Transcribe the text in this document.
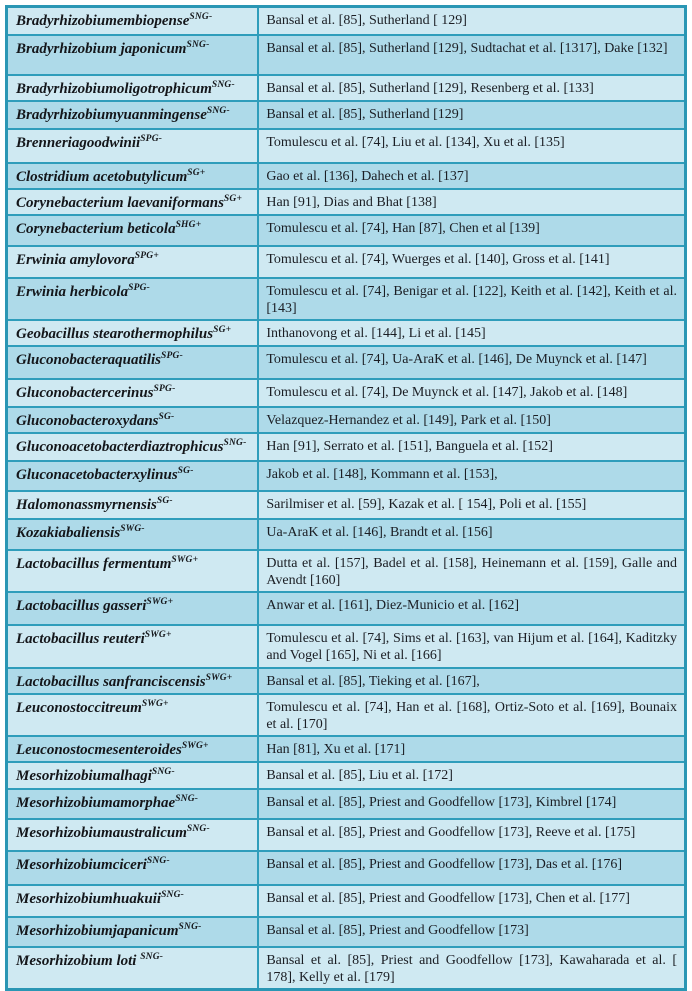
Bradyrhizobiumembiopense$^{SNG-}$	Bansal et al. [85], Sutherland [ 129]
Bradyrhizobium japonicum$^{SNG-}$	Bansal et al. [85], Sutherland [129], Sudtachat et al. [1317], Dake [132]
Bradyrhizobiumoligotrophicum$^{SNG-}$	Bansal et al. [85], Sutherland [129], Resenberg et al. [133]
Bradyrhizobiumyuanmingense$^{SNG-}$	Bansal et al. [85], Sutherland [129]
Brenneriagoodwinii$^{SPG-}$	Tomulescu et al. [74], Liu et al. [134], Xu et al. [135]
Clostridium acetobutylicum$^{SG+}$	Gao et al. [136], Dahech et al. [137]
Corynebacterium laevaniformans$^{SG+}$	Han [91], Dias and Bhat [138]
Corynebacterium beticola$^{SHG+}$	Tomulescu et al. [74], Han [87], Chen et al [139]
Erwinia amylovora$^{SPG+}$	Tomulescu et al. [74], Wuerges et al. [140], Gross et al. [141]
Erwinia herbicola$^{SPG-}$	Tomulescu et al. [74], Benigar et al. [122], Keith et al. [142], Keith et al. [143]
Geobacillus stearothermophilus$^{SG+}$	Inthanovong et al. [144], Li et al. [145]
Gluconobacteraquatilis$^{SPG-}$	Tomulescu et al. [74], Ua-AraK et al. [146], De Muynck et al. [147]
Gluconobactercerinus$^{SPG-}$	Tomulescu et al. [74], De Muynck et al. [147], Jakob et al. [148]
Gluconobacteroxydans$^{SG-}$	Velazquez-Hernandez et al. [149], Park et al. [150]
Gluconoacetobacterdiaztrophicus$^{SNG-}$	Han [91], Serrato et al. [151], Banguela et al. [152]
Gluconacetobacterxylinus$^{SG-}$	Jakob et al. [148], Kommann et al. [153],
Halomonassmyrnensis$^{SG-}$	Sarilmiser et al. [59], Kazak et al. [ 154], Poli et al. [155]
Kozakiabaliensis$^{SWG-}$	Ua-AraK et al. [146], Brandt et al. [156]
Lactobacillus fermentum$^{SWG+}$	Dutta et al. [157], Badel et al. [158], Heinemann et al. [159], Galle and Avendt [160]
Lactobacillus gasseri$^{SWG+}$	Anwar et al. [161], Diez-Municio et al. [162]
Lactobacillus reuteri$^{SWG+}$	Tomulescu et al. [74], Sims et al. [163], van Hijum et al. [164], Kaditzky and Vogel [165], Ni et al. [166]
Lactobacillus sanfranciscensis$^{SWG+}$	Bansal et al. [85], Tieking et al. [167],
Leuconostoccitreum$^{SWG+}$	Tomulescu et al. [74], Han et al. [168], Ortiz-Soto et al. [169], Bounaix et al. [170]
Leuconostocmesenteroides$^{SWG+}$	Han [81], Xu et al. [171]
Mesorhizobiumalhagi$^{SNG-}$	Bansal et al. [85], Liu et al. [172]
Mesorhizobiumamorphae$^{SNG-}$	Bansal et al. [85], Priest and Goodfellow [173], Kimbrel [174]
Mesorhizobiumaustralicum$^{SNG-}$	Bansal et al. [85], Priest and Goodfellow [173], Reeve et al. [175]
Mesorhizobiumciceri$^{SNG-}$	Bansal et al. [85], Priest and Goodfellow [173], Das et al. [176]
Mesorhizobiumhuakuii$^{SNG-}$	Bansal et al. [85], Priest and Goodfellow [173], Chen et al. [177]
Mesorhizobiumjapanicum$^{SNG-}$	Bansal et al. [85], Priest and Goodfellow [173]
Mesorhizobium loti $^{SNG-}$	Bansal et al. [85], Priest and Goodfellow [173], Kawaharada et al. [ 178], Kelly et al. [179]
